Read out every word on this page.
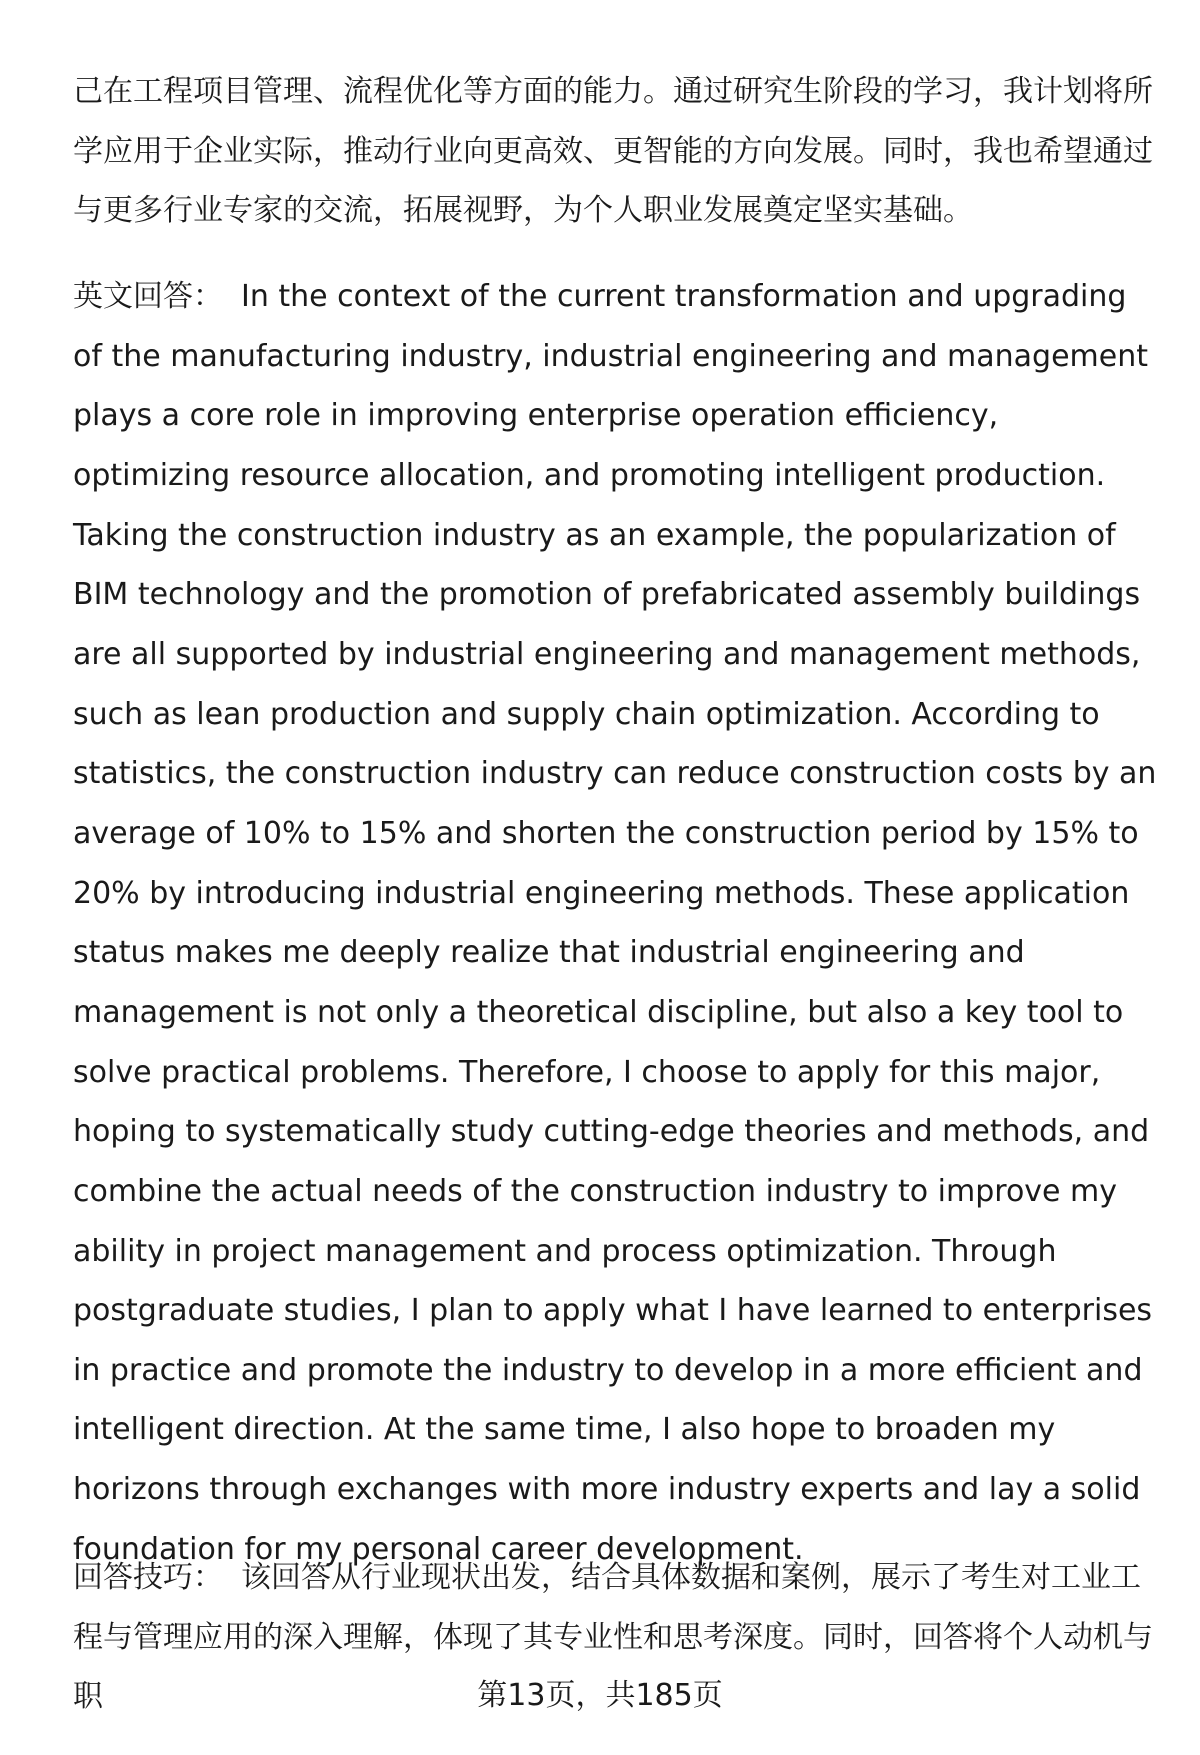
己在工程项目管理、流程优化等方面的能力。通过研究生阶段的学习，我计划将所学应用于企业实际，推动行业向更高效、更智能的方向发展。同时，我也希望通过与更多行业专家的交流，拓展视野，为个人职业发展奠定坚实基础。

英文回答： In the context of the current transformation and upgrading of the manufacturing industry, industrial engineering and management plays a core role in improving enterprise operation efficiency, optimizing resource allocation, and promoting intelligent production. Taking the construction industry as an example, the popularization of BIM technology and the promotion of prefabricated assembly buildings are all supported by industrial engineering and management methods, such as lean production and supply chain optimization. According to statistics, the construction industry can reduce construction costs by an average of 10% to 15% and shorten the construction period by 15% to 20% by introducing industrial engineering methods. These application status makes me deeply realize that industrial engineering and management is not only a theoretical discipline, but also a key tool to solve practical problems. Therefore, I choose to apply for this major, hoping to systematically study cutting-edge theories and methods, and combine the actual needs of the construction industry to improve my ability in project management and process optimization. Through postgraduate studies, I plan to apply what I have learned to enterprises in practice and promote the industry to develop in a more efficient and intelligent direction. At the same time, I also hope to broaden my horizons through exchanges with more industry experts and lay a solid foundation for my personal career development.

回答技巧： 该回答从行业现状出发，结合具体数据和案例，展示了考生对工业工程与管理应用的深入理解，体现了其专业性和思考深度。同时，回答将个人动机与职	第13页，共185页
